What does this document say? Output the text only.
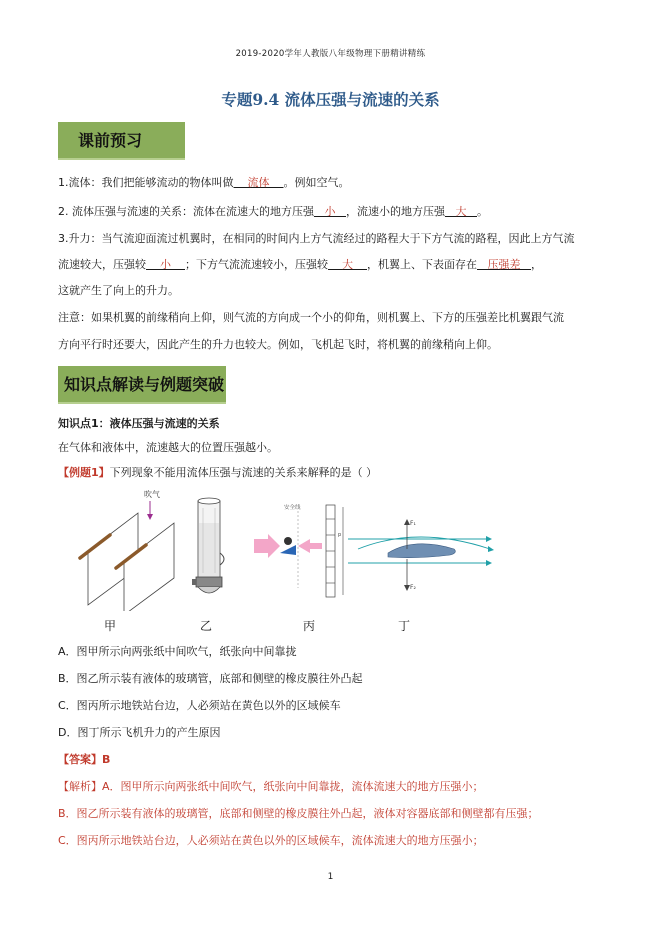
2019-2020学年人教版八年级物理下册精讲精练
专题9.4 流体压强与流速的关系
课前预习
1.流体：我们把能够流动的物体叫做 流体 。例如空气。
2. 流体压强与流速的关系：流体在流速大的地方压强 小 ，流速小的地方压强 大 。
3.升力：当气流迎面流过机翼时，在相同的时间内上方气流经过的路程大于下方气流的路程，因此上方气流
流速较大，压强较 小 ；下方气流流速较小，压强较 大 ，机翼上、下表面存在 压强差 ，
这就产生了向上的升力。
注意：如果机翼的前缘稍向上仰，则气流的方向成一个小的仰角，则机翼上、下方的压强差比机翼跟气流
方向平行时还要大，因此产生的升力也较大。例如，飞机起飞时，将机翼的前缘稍向上仰。
知识点解读与例题突破
知识点1：液体压强与流速的关系
在气体和液体中，流速越大的位置压强越小。
【例题1】下列现象不能用流体压强与流速的关系来解释的是（ ）
吹气
安全线
p
F₁
F₂
甲	乙	丙	丁
A．图甲所示向两张纸中间吹气，纸张向中间靠拢
B．图乙所示装有液体的玻璃管，底部和侧壁的橡皮膜往外凸起
C．图丙所示地铁站台边，人必须站在黄色以外的区域候车
D．图丁所示飞机升力的产生原因
【答案】B
【解析】A．图甲所示向两张纸中间吹气，纸张向中间靠拢，流体流速大的地方压强小；
B．图乙所示装有液体的玻璃管，底部和侧壁的橡皮膜往外凸起，液体对容器底部和侧壁都有压强；
C．图丙所示地铁站台边，人必须站在黄色以外的区域候车，流体流速大的地方压强小；
1
